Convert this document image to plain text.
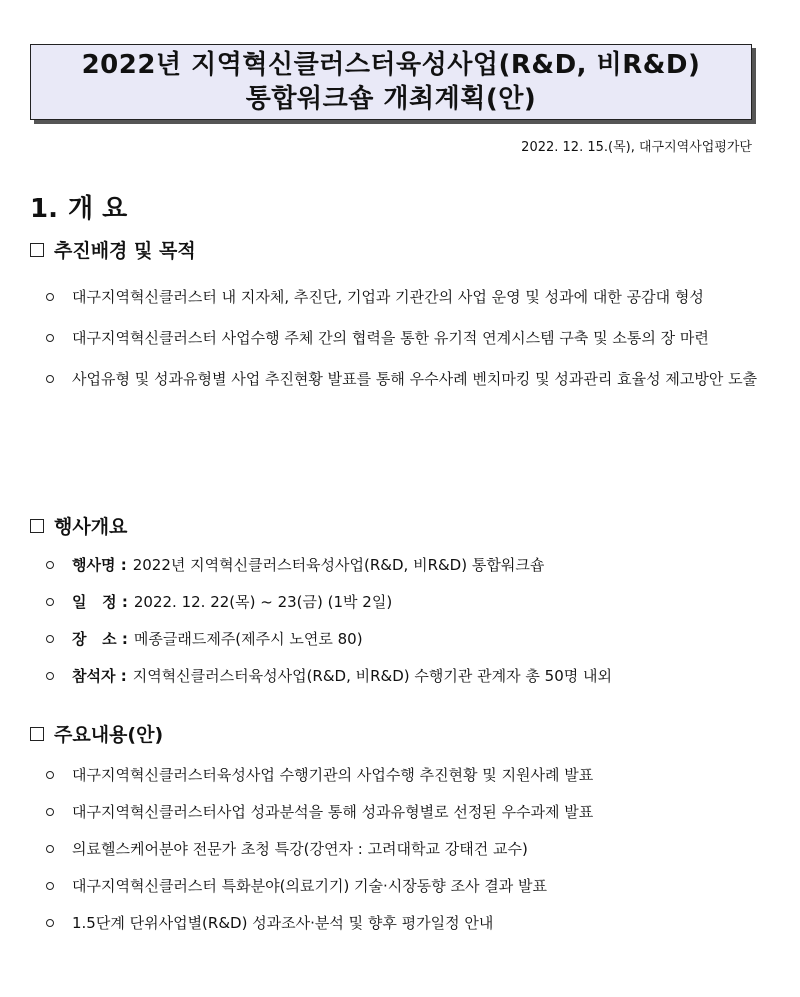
2022년 지역혁신클러스터육성사업(R&D, 비R&D)
통합워크숍 개최계획(안)
2022. 12. 15.(목), 대구지역사업평가단
1. 개 요
추진배경 및 목적
대구지역혁신클러스터 내 지자체, 추진단, 기업과 기관간의 사업 운영 및 성과에 대한 공감대 형성
대구지역혁신클러스터 사업수행 주체 간의 협력을 통한 유기적 연계시스템 구축 및 소통의 장 마련
사업유형 및 성과유형별 사업 추진현황 발표를 통해 우수사례 벤치마킹 및 성과관리 효율성 제고방안 도출
행사개요
행사명 : 2022년 지역혁신클러스터육성사업(R&D, 비R&D) 통합워크숍
일   정 : 2022. 12. 22(목) ~ 23(금) (1박 2일)
장   소 : 메종글래드제주(제주시 노연로 80)
참석자 : 지역혁신클러스터육성사업(R&D, 비R&D) 수행기관 관계자 총 50명 내외
주요내용(안)
대구지역혁신클러스터육성사업 수행기관의 사업수행 추진현황 및 지원사례 발표
대구지역혁신클러스터사업 성과분석을 통해 성과유형별로 선정된 우수과제 발표
의료헬스케어분야 전문가 초청 특강(강연자 : 고려대학교 강태건 교수)
대구지역혁신클러스터 특화분야(의료기기) 기술·시장동향 조사 결과 발표
1.5단계 단위사업별(R&D) 성과조사·분석 및 향후 평가일정 안내
